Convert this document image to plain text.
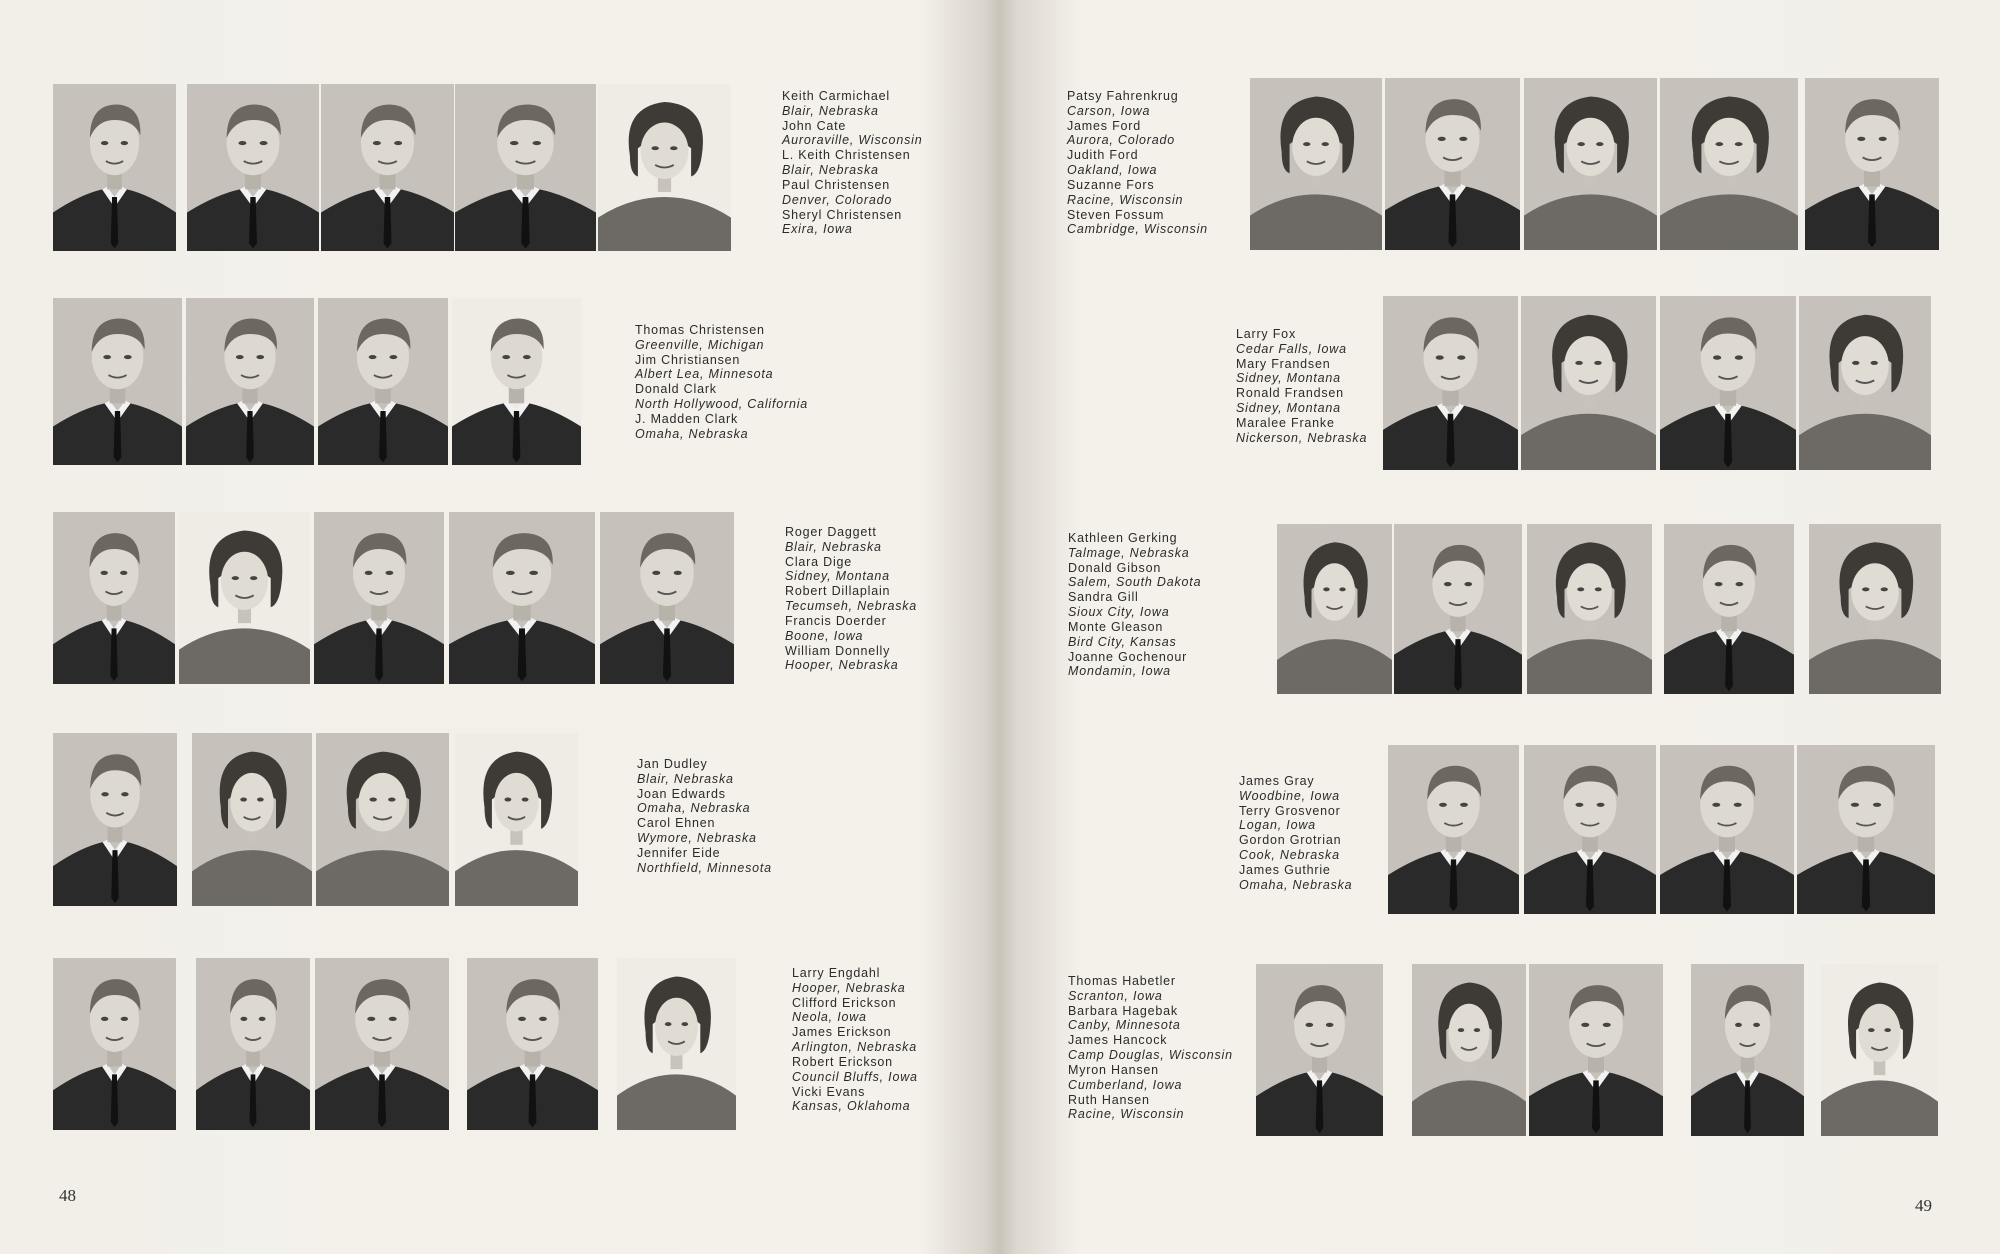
48
49
Keith Carmichael
Blair, Nebraska
John Cate
Auroraville, Wisconsin
L. Keith Christensen
Blair, Nebraska
Paul Christensen
Denver, Colorado
Sheryl Christensen
Exira, Iowa
Thomas Christensen
Greenville, Michigan
Jim Christiansen
Albert Lea, Minnesota
Donald Clark
North Hollywood, California
J. Madden Clark
Omaha, Nebraska
Roger Daggett
Blair, Nebraska
Clara Dige
Sidney, Montana
Robert Dillaplain
Tecumseh, Nebraska
Francis Doerder
Boone, Iowa
William Donnelly
Hooper, Nebraska
Jan Dudley
Blair, Nebraska
Joan Edwards
Omaha, Nebraska
Carol Ehnen
Wymore, Nebraska
Jennifer Eide
Northfield, Minnesota
Larry Engdahl
Hooper, Nebraska
Clifford Erickson
Neola, Iowa
James Erickson
Arlington, Nebraska
Robert Erickson
Council Bluffs, Iowa
Vicki Evans
Kansas, Oklahoma
Patsy Fahrenkrug
Carson, Iowa
James Ford
Aurora, Colorado
Judith Ford
Oakland, Iowa
Suzanne Fors
Racine, Wisconsin
Steven Fossum
Cambridge, Wisconsin
Larry Fox
Cedar Falls, Iowa
Mary Frandsen
Sidney, Montana
Ronald Frandsen
Sidney, Montana
Maralee Franke
Nickerson, Nebraska
Kathleen Gerking
Talmage, Nebraska
Donald Gibson
Salem, South Dakota
Sandra Gill
Sioux City, Iowa
Monte Gleason
Bird City, Kansas
Joanne Gochenour
Mondamin, Iowa
James Gray
Woodbine, Iowa
Terry Grosvenor
Logan, Iowa
Gordon Grotrian
Cook, Nebraska
James Guthrie
Omaha, Nebraska
Thomas Habetler
Scranton, Iowa
Barbara Hagebak
Canby, Minnesota
James Hancock
Camp Douglas, Wisconsin
Myron Hansen
Cumberland, Iowa
Ruth Hansen
Racine, Wisconsin
